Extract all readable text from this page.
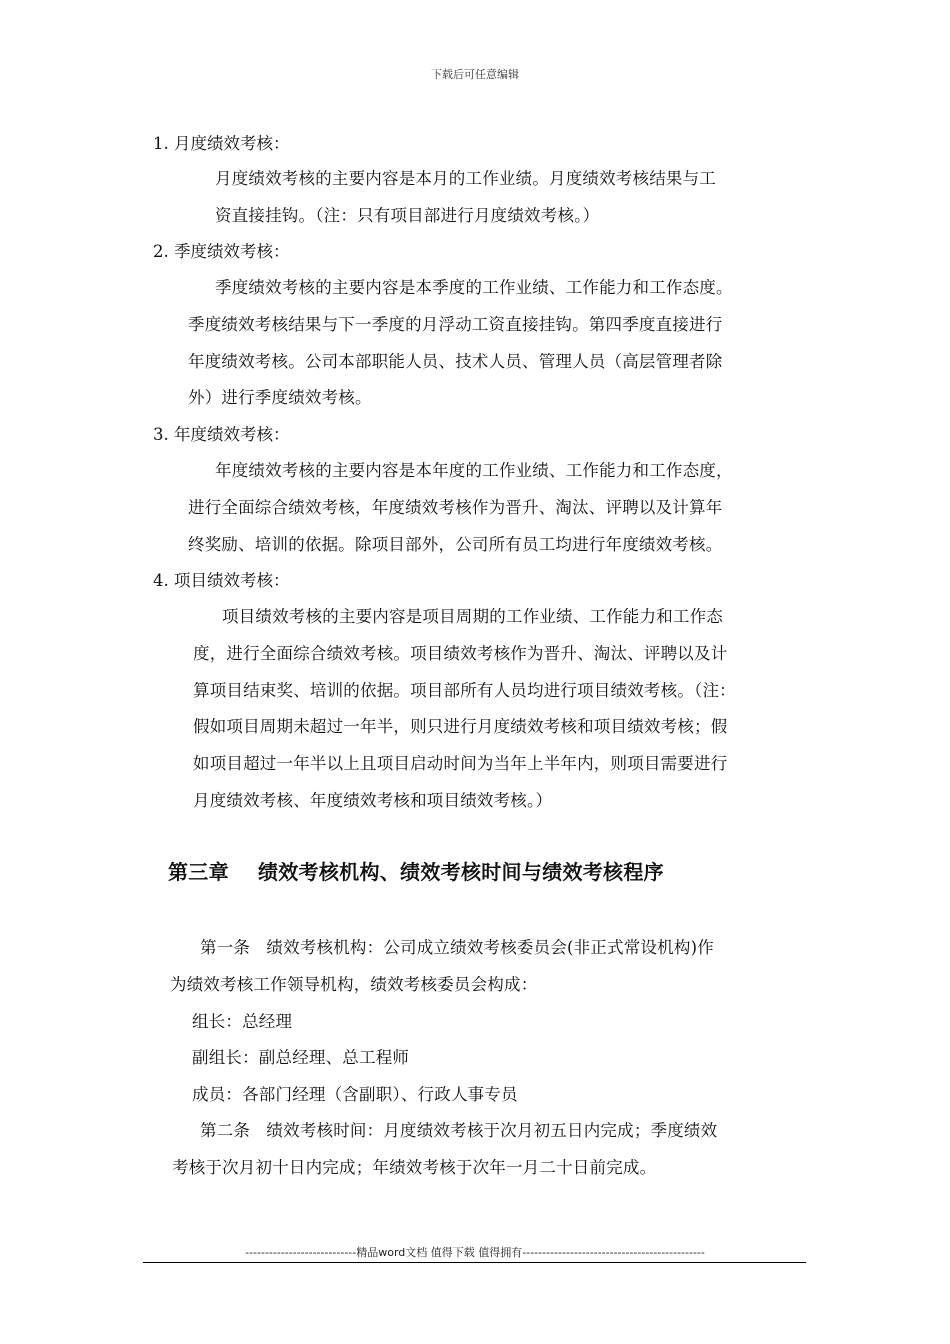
下载后可任意编辑
1. 月度绩效考核：
月度绩效考核的主要内容是本月的工作业绩。月度绩效考核结果与工
资直接挂钩。（注：只有项目部进行月度绩效考核。）
2. 季度绩效考核：
季度绩效考核的主要内容是本季度的工作业绩、工作能力和工作态度。
季度绩效考核结果与下一季度的月浮动工资直接挂钩。第四季度直接进行
年度绩效考核。公司本部职能人员、技术人员、管理人员（高层管理者除
外）进行季度绩效考核。
3. 年度绩效考核：
年度绩效考核的主要内容是本年度的工作业绩、工作能力和工作态度，
进行全面综合绩效考核，年度绩效考核作为晋升、淘汰、评聘以及计算年
终奖励、培训的依据。除项目部外，公司所有员工均进行年度绩效考核。
4. 项目绩效考核：
项目绩效考核的主要内容是项目周期的工作业绩、工作能力和工作态
度，进行全面综合绩效考核。项目绩效考核作为晋升、淘汰、评聘以及计
算项目结束奖、培训的依据。项目部所有人员均进行项目绩效考核。（注：
假如项目周期未超过一年半，则只进行月度绩效考核和项目绩效考核；假
如项目超过一年半以上且项目启动时间为当年上半年内，则项目需要进行
月度绩效考核、年度绩效考核和项目绩效考核。）
第三章    绩效考核机构、绩效考核时间与绩效考核程序
第一条   绩效考核机构：公司成立绩效考核委员会(非正式常设机构)作
为绩效考核工作领导机构，绩效考核委员会构成：
组长：总经理
副组长：副总经理、总工程师
成员：各部门经理（含副职）、行政人事专员
第二条   绩效考核时间：月度绩效考核于次月初五日内完成；季度绩效
考核于次月初十日内完成；年绩效考核于次年一月二十日前完成。
----------------------------精品word文档 值得下载 值得拥有----------------------------------------------
